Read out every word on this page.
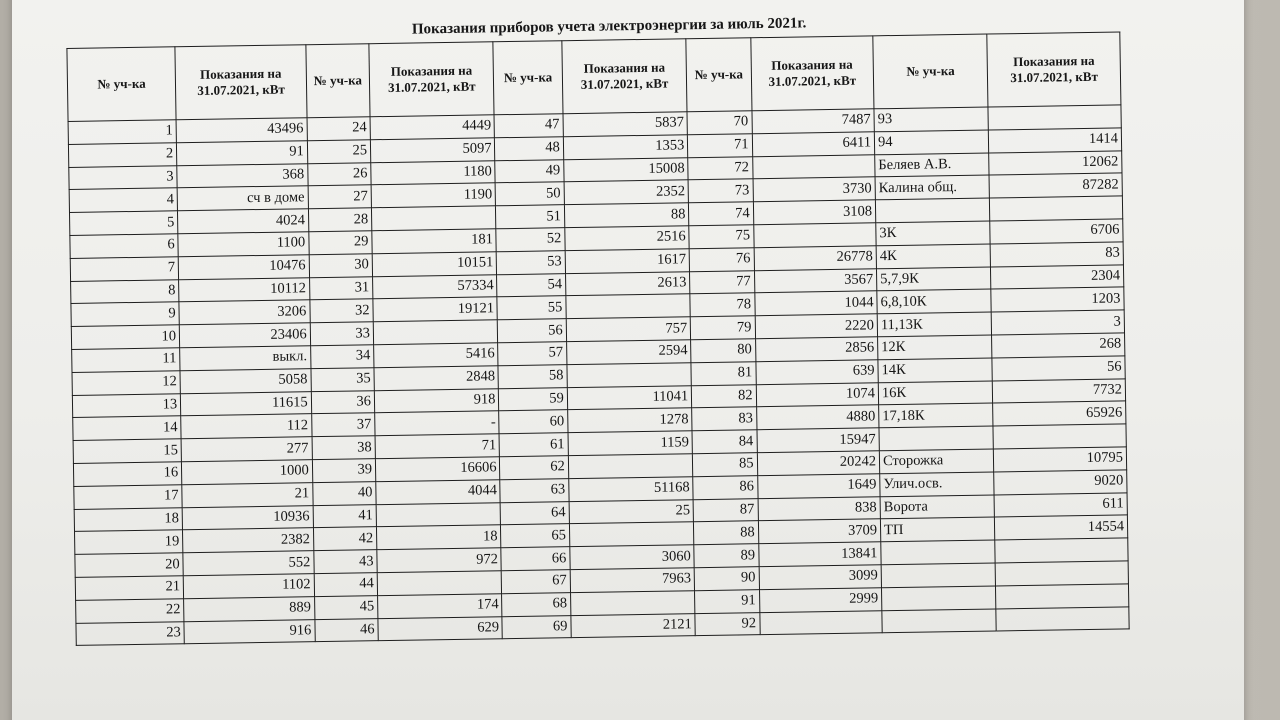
Показания приборов учета электроэнергии за июль 2021г.
№ уч-ка	Показания на 31.07.2021, кВт	№ уч-ка	Показания на 31.07.2021, кВт	№ уч-ка	Показания на 31.07.2021, кВт	№ уч-ка	Показания на 31.07.2021, кВт	№ уч-ка	Показания на 31.07.2021, кВт
1	43496	24	4449	47	5837	70	7487	93	
2	91	25	5097	48	1353	71	6411	94	1414
3	368	26	1180	49	15008	72		Беляев А.В.	12062
4	сч в доме	27	1190	50	2352	73	3730	Калина общ.	87282
5	4024	28		51	88	74	3108		
6	1100	29	181	52	2516	75		3К	6706
7	10476	30	10151	53	1617	76	26778	4К	83
8	10112	31	57334	54	2613	77	3567	5,7,9К	2304
9	3206	32	19121	55		78	1044	6,8,10К	1203
10	23406	33		56	757	79	2220	11,13К	3
11	выкл.	34	5416	57	2594	80	2856	12К	268
12	5058	35	2848	58		81	639	14К	56
13	11615	36	918	59	11041	82	1074	16К	7732
14	112	37	-	60	1278	83	4880	17,18К	65926
15	277	38	71	61	1159	84	15947		
16	1000	39	16606	62		85	20242	Сторожка	10795
17	21	40	4044	63	51168	86	1649	Улич.осв.	9020
18	10936	41		64	25	87	838	Ворота	611
19	2382	42	18	65		88	3709	ТП	14554
20	552	43	972	66	3060	89	13841		
21	1102	44		67	7963	90	3099		
22	889	45	174	68		91	2999		
23	916	46	629	69	2121	92			
